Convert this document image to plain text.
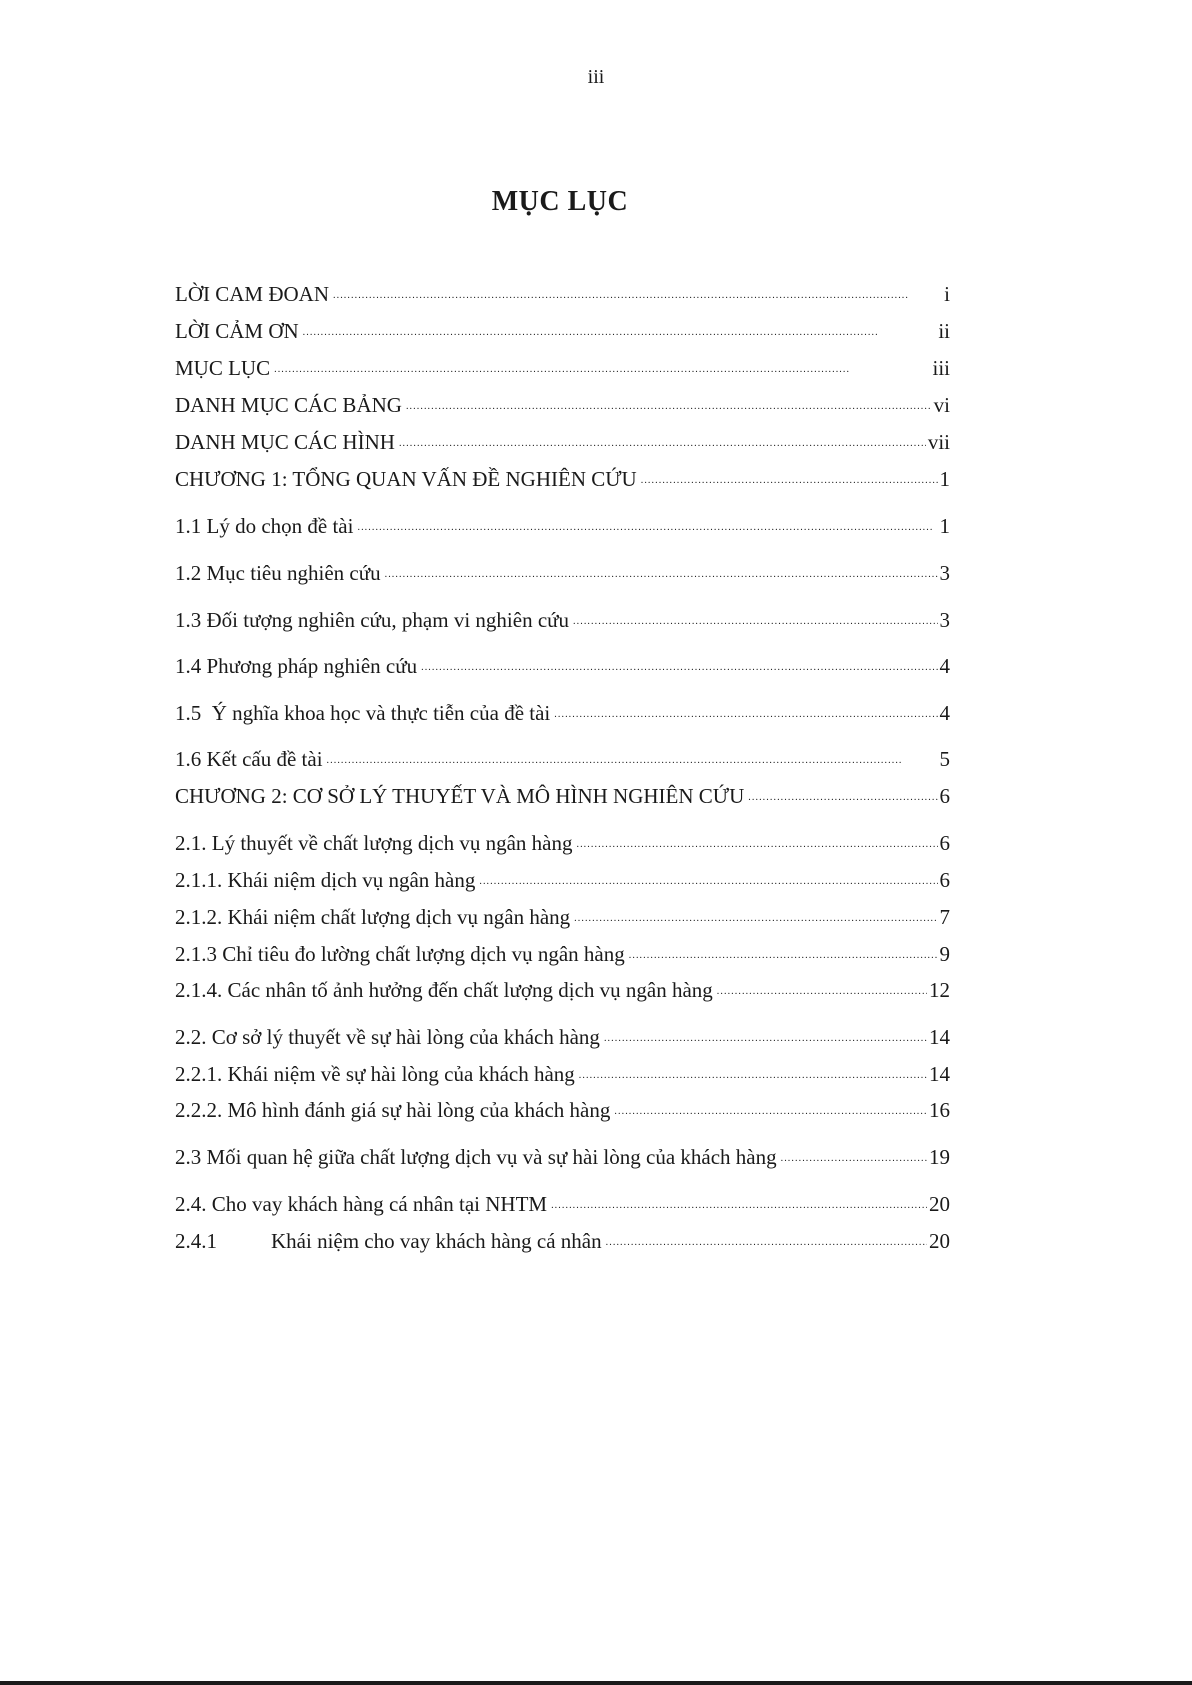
iii
MỤC LỤC
LỜI CAM ĐOAN . . .	i
LỜI CẢM ƠN . . .	ii
MỤC LỤC . . .	iii
DANH MỤC CÁC BẢNG . . .	vi
DANH MỤC CÁC HÌNH . . .	vii
CHƯƠNG 1: TỔNG QUAN VẤN ĐỀ NGHIÊN CỨU . . .	1
1.1 Lý do chọn đề tài . . .	1
1.2 Mục tiêu nghiên cứu . . .	3
1.3 Đối tượng nghiên cứu, phạm vi nghiên cứu . . .	3
1.4 Phương pháp nghiên cứu . . .	4
1.5  Ý nghĩa khoa học và thực tiễn của đề tài . . .	4
1.6 Kết cấu đề tài . . .	5
CHƯƠNG 2: CƠ SỞ LÝ THUYẾT VÀ MÔ HÌNH NGHIÊN CỨU . . .	6
2.1. Lý thuyết về chất lượng dịch vụ ngân hàng . . .	6
2.1.1. Khái niệm dịch vụ ngân hàng . . .	6
2.1.2. Khái niệm chất lượng dịch vụ ngân hàng . . .	7
2.1.3 Chỉ tiêu đo lường chất lượng dịch vụ ngân hàng . . .	9
2.1.4. Các nhân tố ảnh hưởng đến chất lượng dịch vụ ngân hàng . . .	12
2.2. Cơ sở lý thuyết về sự hài lòng của khách hàng . . .	14
2.2.1. Khái niệm về sự hài lòng của khách hàng . . .	14
2.2.2. Mô hình đánh giá sự hài lòng của khách hàng . . .	16
2.3 Mối quan hệ giữa chất lượng dịch vụ và sự hài lòng của khách hàng . . .	19
2.4. Cho vay khách hàng cá nhân tại NHTM . . .	20
2.4.1	Khái niệm cho vay khách hàng cá nhân . . .	20
